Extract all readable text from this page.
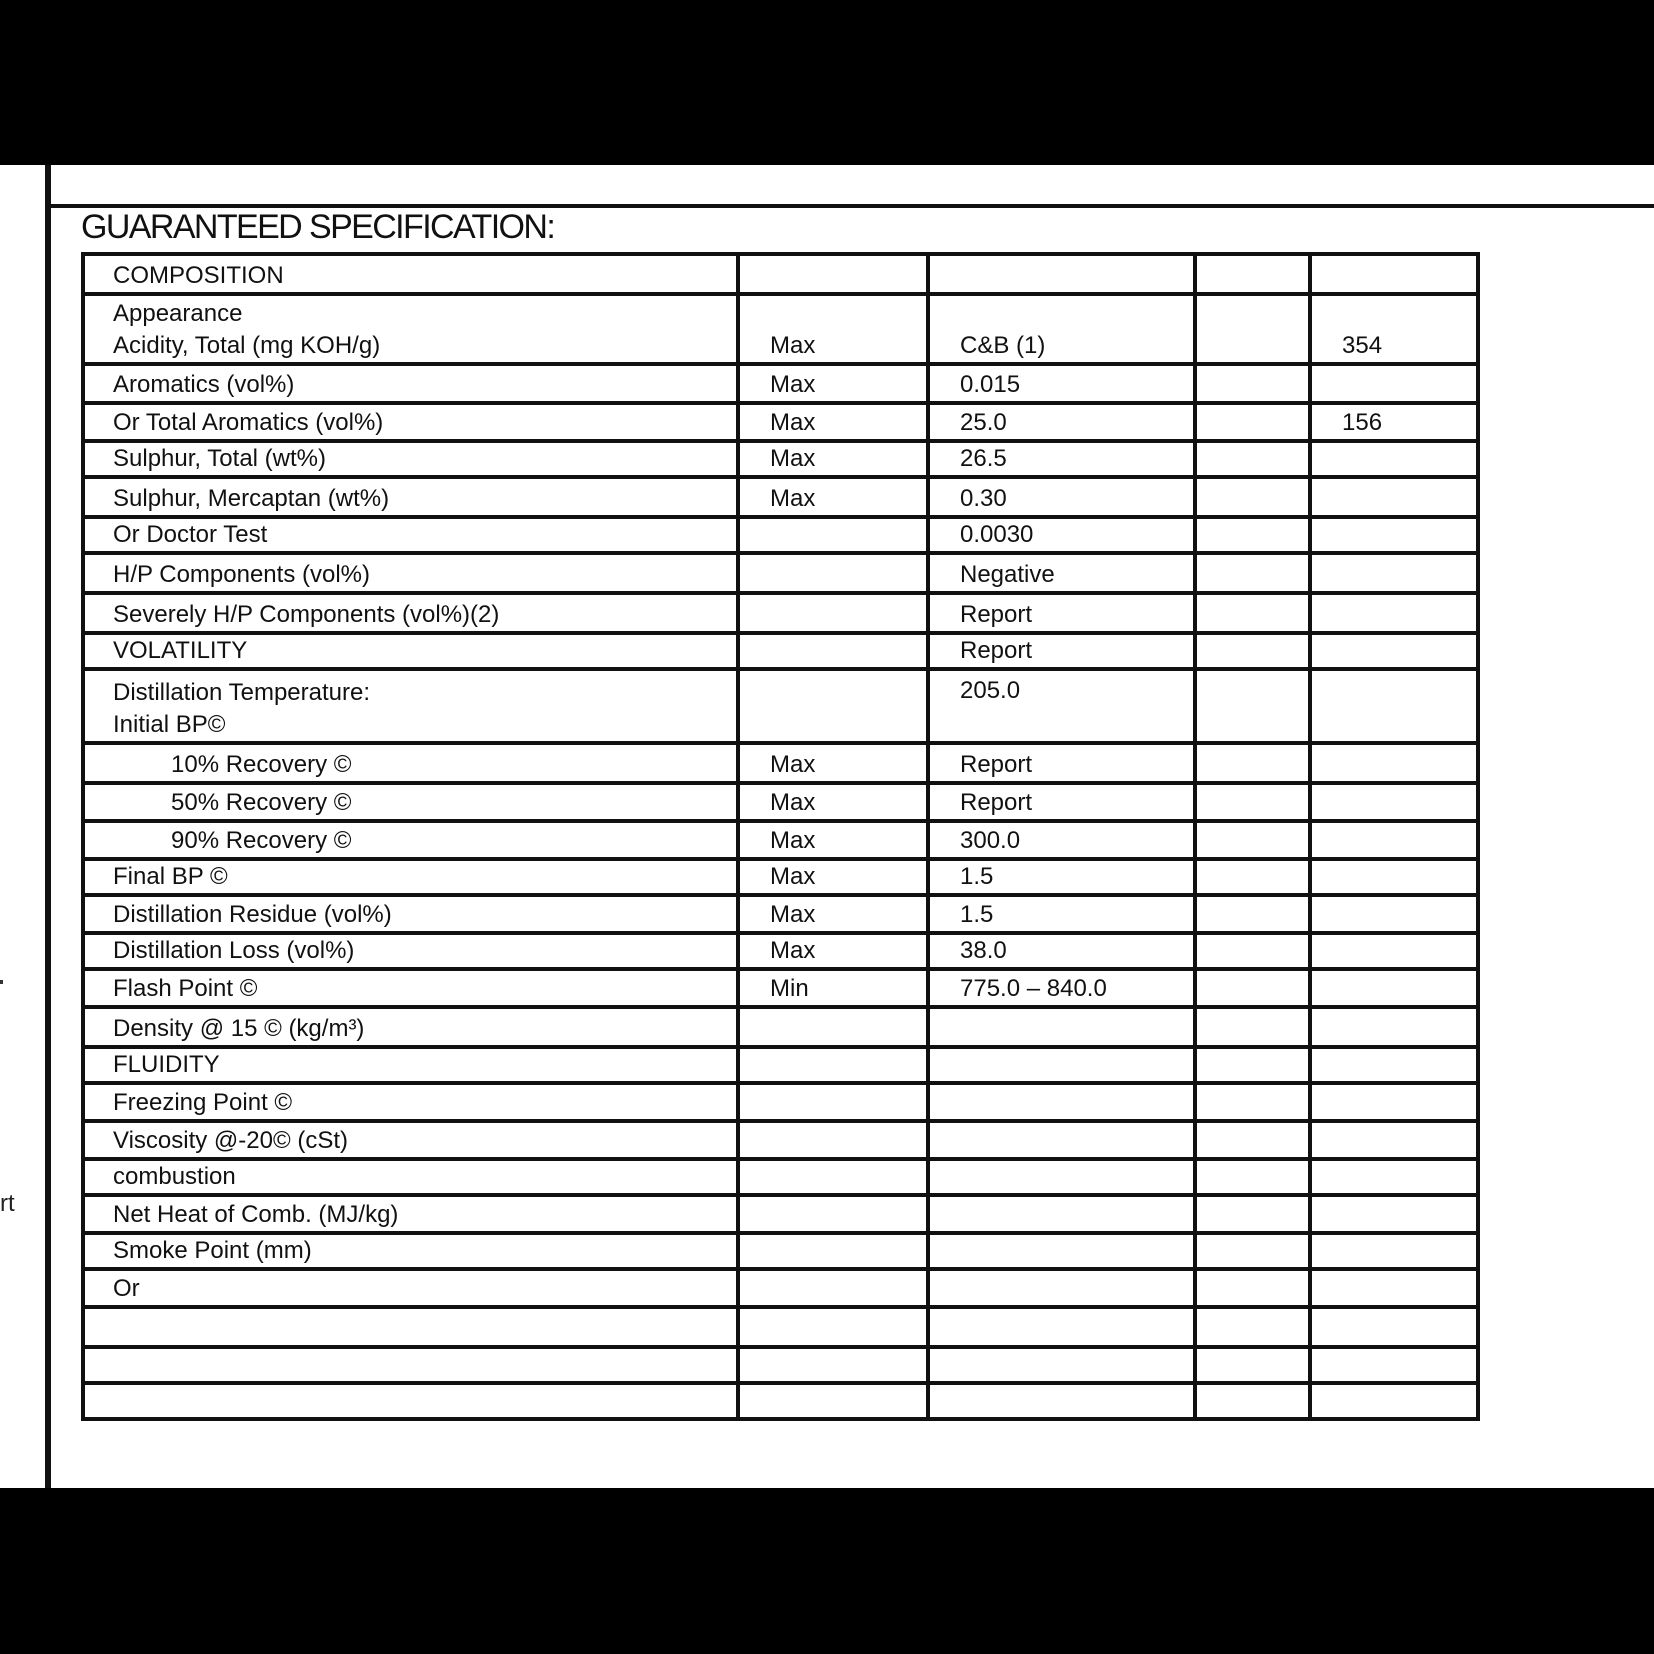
rt
GUARANTEED SPECIFICATION:
COMPOSITION				

Appearance
Acidity, Total (mg KOH/g)	Max	C&B (1)		354
Aromatics (vol%)	Max	0.015		
Or Total Aromatics (vol%)	Max	25.0		156
Sulphur, Total (wt%)	Max	26.5		
Sulphur, Mercaptan (wt%)	Max	0.30		
Or Doctor Test		0.0030		
H/P Components (vol%)		Negative		
Severely H/P Components (vol%)(2)		Report		
VOLATILITY		Report		

Distillation Temperature:
Initial BP©		205.0		
10% Recovery ©	Max	Report		
50% Recovery ©	Max	Report		
90% Recovery ©	Max	300.0		
Final BP ©	Max	1.5		
Distillation Residue (vol%)	Max	1.5		
Distillation Loss (vol%)	Max	38.0		
Flash Point ©	Min	775.0 – 840.0		
Density @ 15 © (kg/m³)				
FLUIDITY				
Freezing Point ©				
Viscosity @-20© (cSt)				
combustion				
Net Heat of Comb. (MJ/kg)				
Smoke Point (mm)				
Or				
